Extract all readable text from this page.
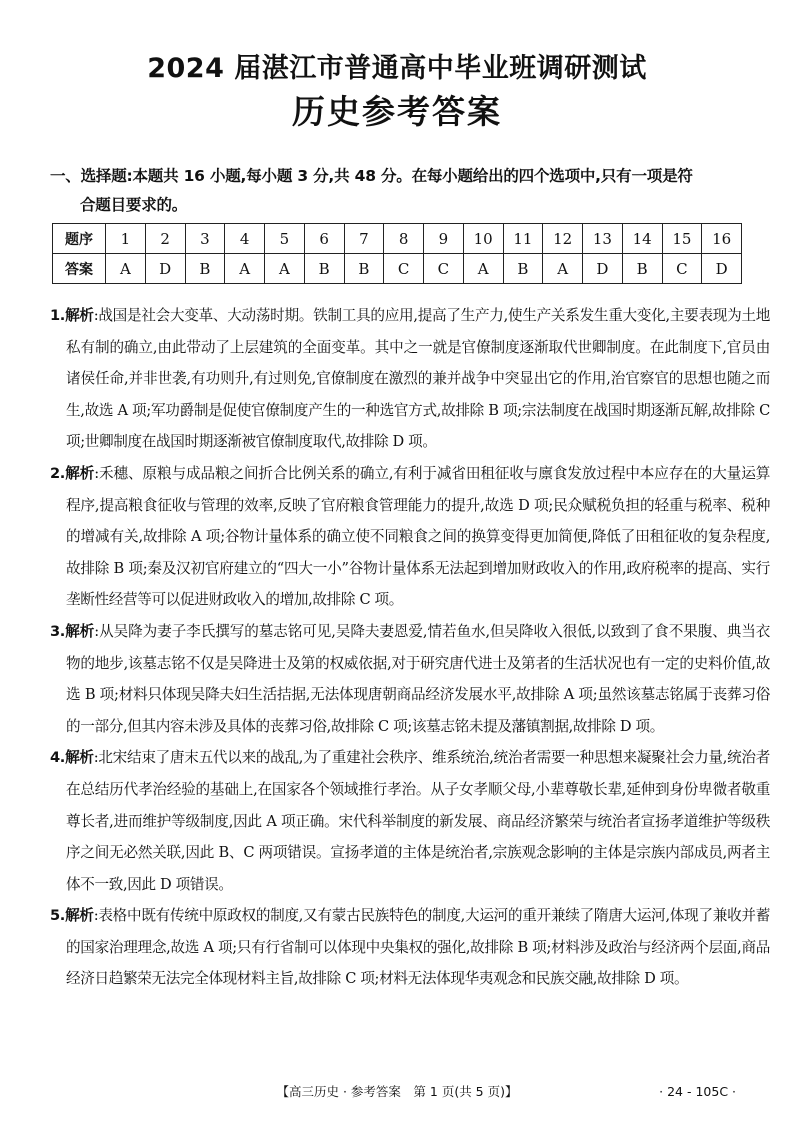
2024 届湛江市普通高中毕业班调研测试
历史参考答案
一、选择题:本题共 16 小题,每小题 3 分,共 48 分。在每小题给出的四个选项中,只有一项是符
合题目要求的。
题序	1	2	3	4	5	6	7	8	9	10	11	12	13	14	15	16
答案	A	D	B	A	A	B	B	C	C	A	B	A	D	B	C	D

1.解析:战国是社会大变革、大动荡时期。铁制工具的应用,提高了生产力,使生产关系发生重大变化,主要表现为土地私有制的确立,由此带动了上层建筑的全面变革。其中之一就是官僚制度逐渐取代世卿制度。在此制度下,官员由诸侯任命,并非世袭,有功则升,有过则免,官僚制度在激烈的兼并战争中突显出它的作用,治官察官的思想也随之而生,故选 A 项;军功爵制是促使官僚制度产生的一种选官方式,故排除 B 项;宗法制度在战国时期逐渐瓦解,故排除 C 项;世卿制度在战国时期逐渐被官僚制度取代,故排除 D 项。

2.解析:禾穗、原粮与成品粮之间折合比例关系的确立,有利于减省田租征收与廪食发放过程中本应存在的大量运算程序,提高粮食征收与管理的效率,反映了官府粮食管理能力的提升,故选 D 项;民众赋税负担的轻重与税率、税种的增减有关,故排除 A 项;谷物计量体系的确立使不同粮食之间的换算变得更加简便,降低了田租征收的复杂程度,故排除 B 项;秦及汉初官府建立的“四大一小”谷物计量体系无法起到增加财政收入的作用,政府税率的提高、实行垄断性经营等可以促进财政收入的增加,故排除 C 项。

3.解析:从吴降为妻子李氏撰写的墓志铭可见,吴降夫妻恩爱,情若鱼水,但吴降收入很低,以致到了食不果腹、典当衣物的地步,该墓志铭不仅是吴降进士及第的权威依据,对于研究唐代进士及第者的生活状况也有一定的史料价值,故选 B 项;材料只体现吴降夫妇生活拮据,无法体现唐朝商品经济发展水平,故排除 A 项;虽然该墓志铭属于丧葬习俗的一部分,但其内容未涉及具体的丧葬习俗,故排除 C 项;该墓志铭未提及藩镇割据,故排除 D 项。

4.解析:北宋结束了唐末五代以来的战乱,为了重建社会秩序、维系统治,统治者需要一种思想来凝聚社会力量,统治者在总结历代孝治经验的基础上,在国家各个领域推行孝治。从子女孝顺父母,小辈尊敬长辈,延伸到身份卑微者敬重尊长者,进而维护等级制度,因此 A 项正确。宋代科举制度的新发展、商品经济繁荣与统治者宣扬孝道维护等级秩序之间无必然关联,因此 B、C 两项错误。宣扬孝道的主体是统治者,宗族观念影响的主体是宗族内部成员,两者主体不一致,因此 D 项错误。

5.解析:表格中既有传统中原政权的制度,又有蒙古民族特色的制度,大运河的重开兼续了隋唐大运河,体现了兼收并蓄的国家治理理念,故选 A 项;只有行省制可以体现中央集权的强化,故排除 B 项;材料涉及政治与经济两个层面,商品经济日趋繁荣无法完全体现材料主旨,故排除 C 项;材料无法体现华夷观念和民族交融,故排除 D 项。

【高三历史 · 参考答案　第 1 页(共 5 页)】	· 24 - 105C ·
